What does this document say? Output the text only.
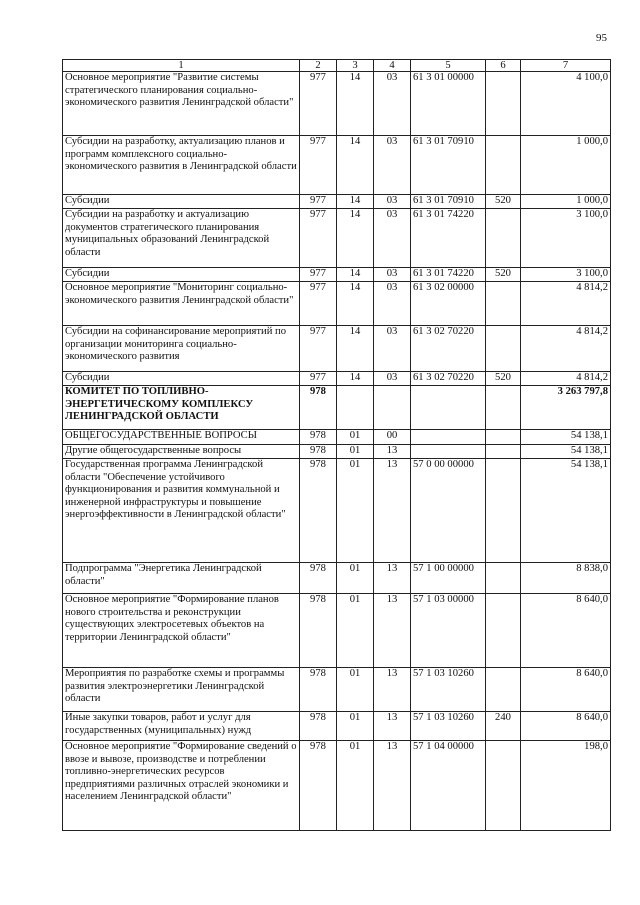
95
1	2	3	4	5	6	7
Основное мероприятие "Развитие системы стратегического планирования социально-экономического развития Ленинградской области"	977	14	03	61 3 01 00000		4 100,0
Субсидии на разработку, актуализацию планов и программ комплексного социально-экономического развития в Ленинградской области	977	14	03	61 3 01 70910		1 000,0
Субсидии	977	14	03	61 3 01 70910	520	1 000,0
Субсидии на разработку и актуализацию документов стратегического планирования муниципальных образований Ленинградской области	977	14	03	61 3 01 74220		3 100,0
Субсидии	977	14	03	61 3 01 74220	520	3 100,0
Основное мероприятие "Мониторинг социально-экономического развития Ленинградской области"	977	14	03	61 3 02 00000		4 814,2
Субсидии на софинансирование мероприятий по организации мониторинга социально-экономического развития	977	14	03	61 3 02 70220		4 814,2
Субсидии	977	14	03	61 3 02 70220	520	4 814,2
КОМИТЕТ ПО ТОПЛИВНО-ЭНЕРГЕТИЧЕСКОМУ КОМПЛЕКСУ ЛЕНИНГРАДСКОЙ ОБЛАСТИ	978					3 263 797,8
ОБЩЕГОСУДАРСТВЕННЫЕ ВОПРОСЫ	978	01	00			54 138,1
Другие общегосударственные вопросы	978	01	13			54 138,1
Государственная программа Ленинградской области "Обеспечение устойчивого функционирования и развития коммунальной и инженерной инфраструктуры и повышение энергоэффективности в Ленинградской области"	978	01	13	57 0 00 00000		54 138,1
Подпрограмма "Энергетика Ленинградской области"	978	01	13	57 1 00 00000		8 838,0
Основное мероприятие "Формирование планов нового строительства и реконструкции существующих электросетевых объектов на территории Ленинградской области"	978	01	13	57 1 03 00000		8 640,0
Мероприятия по разработке схемы и программы развития электроэнергетики Ленинградской области	978	01	13	57 1 03 10260		8 640,0
Иные закупки товаров, работ и услуг для государственных (муниципальных) нужд	978	01	13	57 1 03 10260	240	8 640,0
Основное мероприятие "Формирование сведений о ввозе и вывозе, производстве и потреблении топливно-энергетических ресурсов предприятиями различных отраслей экономики и населением Ленинградской области"	978	01	13	57 1 04 00000		198,0
